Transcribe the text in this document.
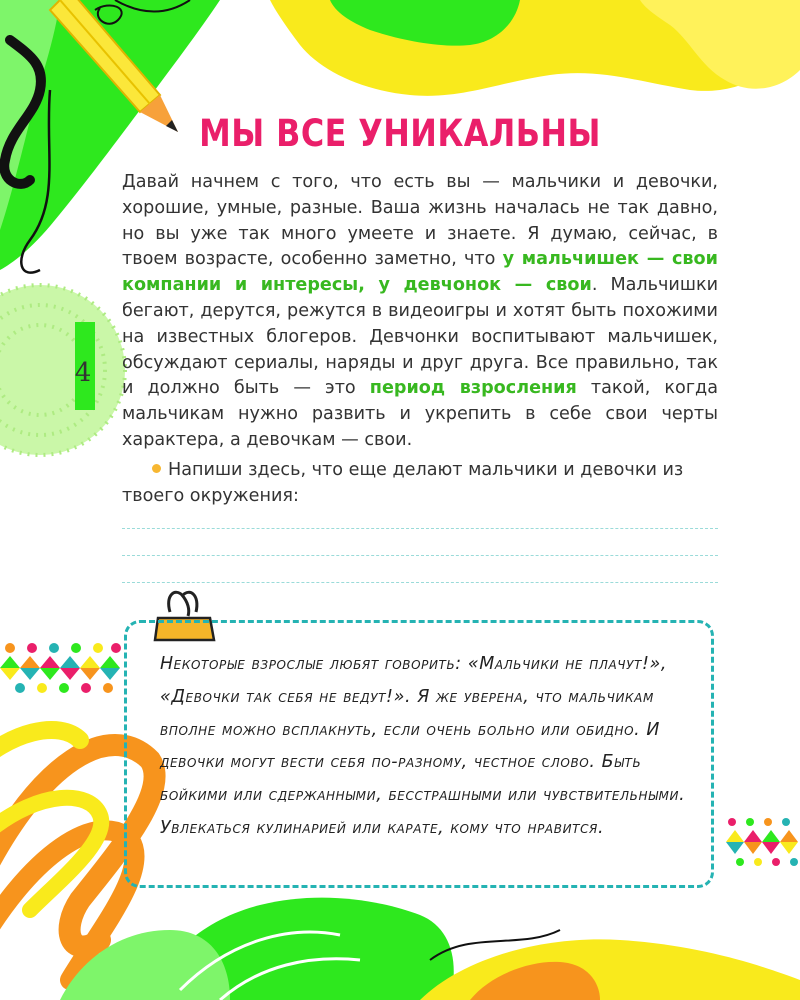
МЫ ВСЕ УНИКАЛЬНЫ

Давай начнем с того, что есть вы — мальчики и девочки, хорошие, умные, разные. Ваша жизнь началась не так давно, но вы уже так много умеете и знаете. Я думаю, сейчас, в твоем возрасте, особенно заметно, что у мальчишек — свои компании и интересы, у девчонок — свои. Мальчишки бегают, дерутся, режутся в видеоигры и хотят быть похожими на известных блогеров. Девчонки воспитывают мальчишек, обсуждают сериалы, наряды и друг друга. Все правильно, так и должно быть — это период взросления такой, когда мальчикам нужно развить и укрепить в себе свои черты характера, а девочкам — свои.

Напиши здесь, что еще делают мальчики и девочки из твоего окружения:

4

Некоторые взрослые любят говорить: «Мальчики не плачут!», «Девочки так себя не ведут!». Я же уверена, что мальчикам вполне можно всплакнуть, если очень больно или обидно. И девочки могут вести себя по-разному, честное слово. Быть бойкими или сдержанными, бесстрашными или чувствительными. Увлекаться кулинарией или карате, кому что нравится.
